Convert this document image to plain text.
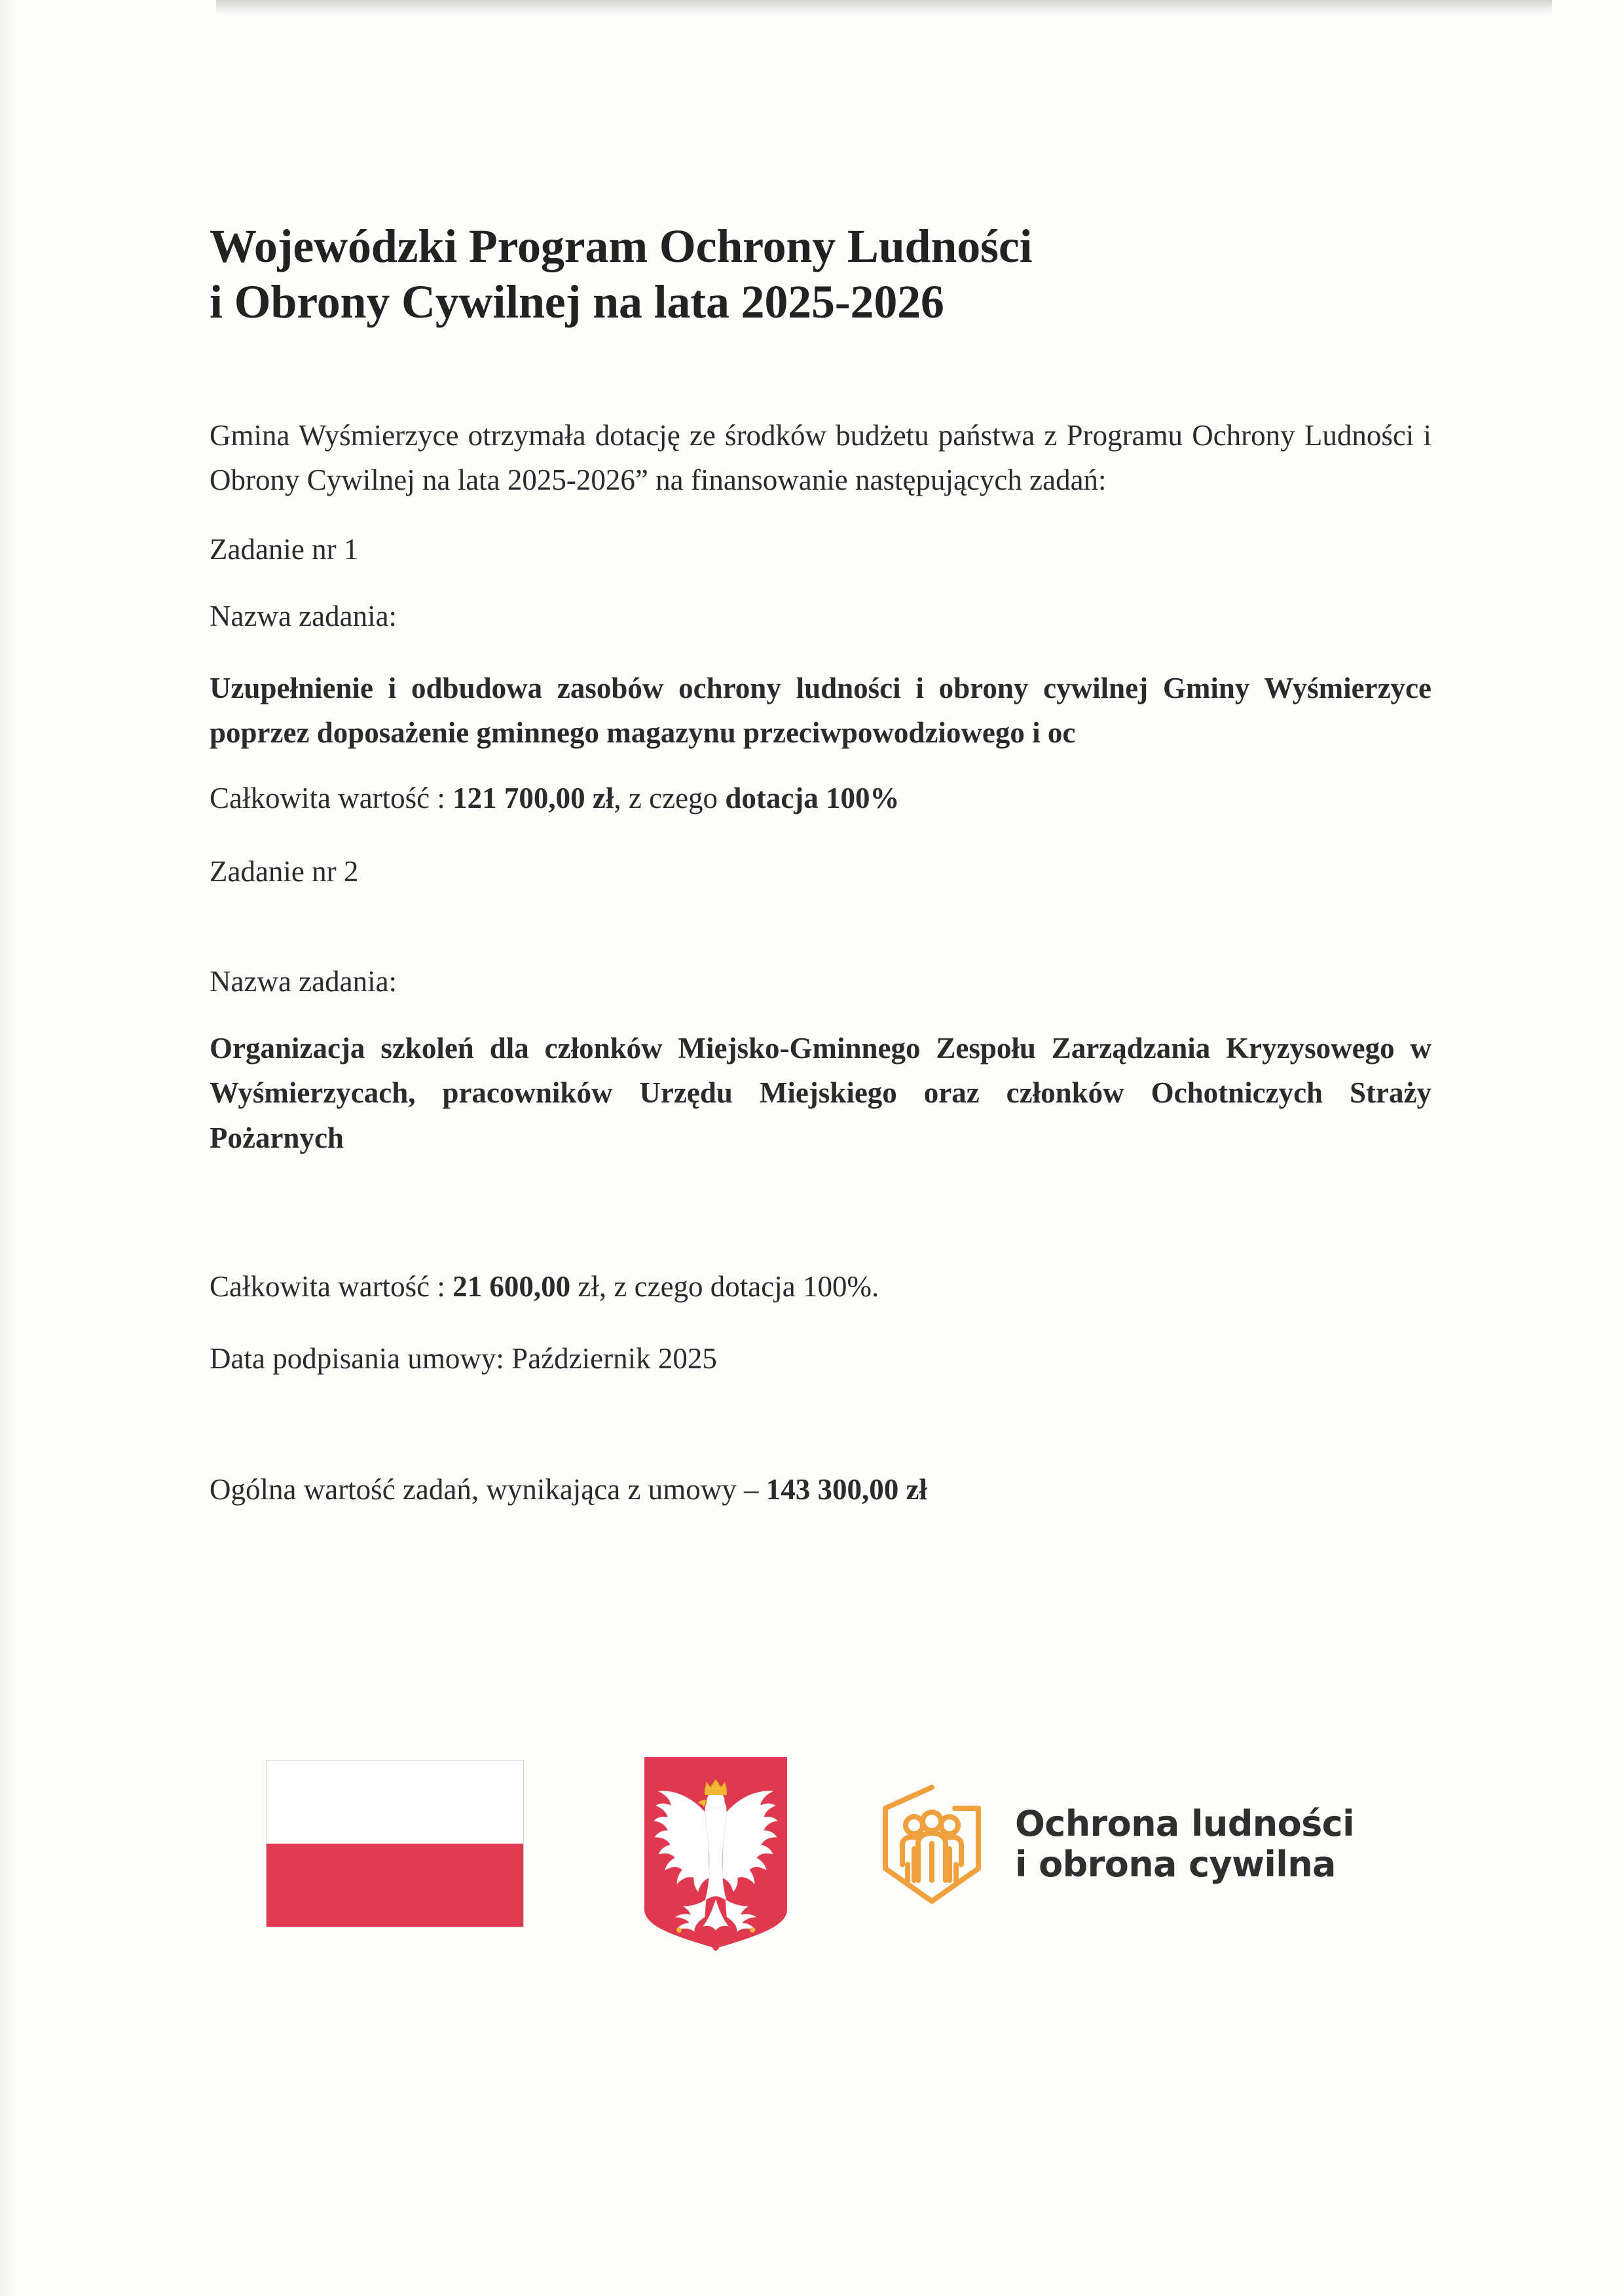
Wojewódzki Program Ochrony Ludności
i Obrony Cywilnej na lata 2025-2026

Gmina Wyśmierzyce otrzymała dotację ze środków budżetu państwa z Programu Ochrony Ludności i Obrony Cywilnej na lata 2025-2026” na finansowanie następujących zadań:

Zadanie nr 1

Nazwa zadania:

Uzupełnienie i odbudowa zasobów ochrony ludności i obrony cywilnej Gminy Wyśmierzyce poprzez doposażenie gminnego magazynu przeciwpowodziowego i oc

Całkowita wartość : 121 700,00 zł, z czego dotacja 100%

Zadanie nr 2

Nazwa zadania:

Organizacja szkoleń dla członków Miejsko-Gminnego Zespołu Zarządzania Kryzysowego w Wyśmierzycach, pracowników Urzędu Miejskiego oraz członków Ochotniczych Straży Pożarnych

Całkowita wartość : 21 600,00 zł, z czego dotacja 100%.

Data podpisania umowy: Październik 2025

Ogólna wartość zadań, wynikająca z umowy – 143 300,00 zł

Ochrona ludności
i obrona cywilna
